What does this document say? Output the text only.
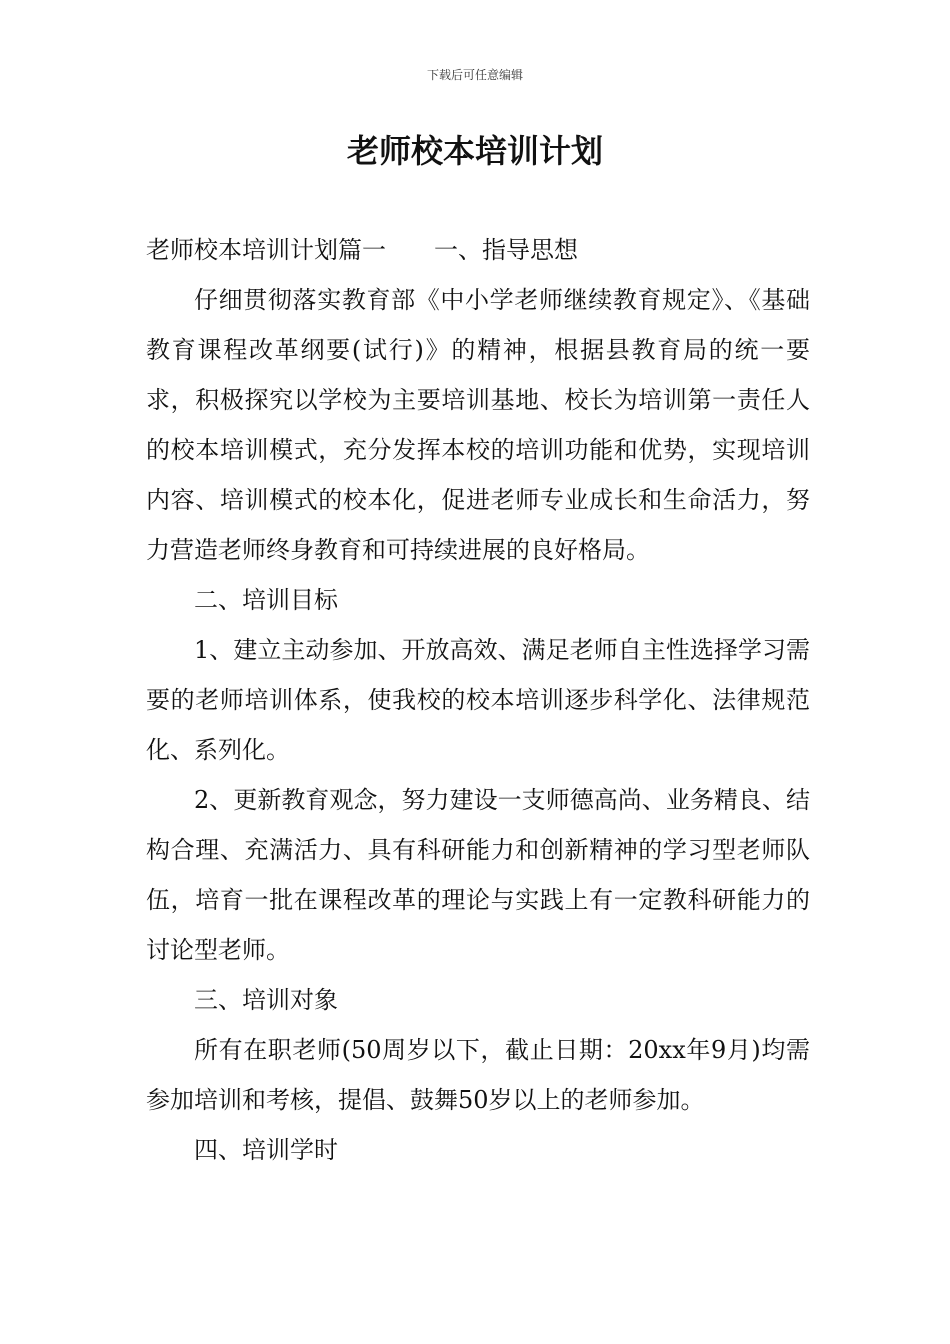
下载后可任意编辑
老师校本培训计划

老师校本培训计划篇一 一、指导思想

仔细贯彻落实教育部《中小学老师继续教育规定》、《基础教育课程改革纲要(试行)》的精神，根据县教育局的统一要求，积极探究以学校为主要培训基地、校长为培训第一责任人的校本培训模式，充分发挥本校的培训功能和优势，实现培训内容、培训模式的校本化，促进老师专业成长和生命活力，努力营造老师终身教育和可持续进展的良好格局。

二、培训目标

1、建立主动参加、开放高效、满足老师自主性选择学习需要的老师培训体系，使我校的校本培训逐步科学化、法律规范化、系列化。

2、更新教育观念，努力建设一支师德高尚、业务精良、结构合理、充满活力、具有科研能力和创新精神的学习型老师队伍，培育一批在课程改革的理论与实践上有一定教科研能力的讨论型老师。

三、培训对象

所有在职老师(50周岁以下，截止日期：20xx年9月)均需参加培训和考核，提倡、鼓舞50岁以上的老师参加。

四、培训学时
